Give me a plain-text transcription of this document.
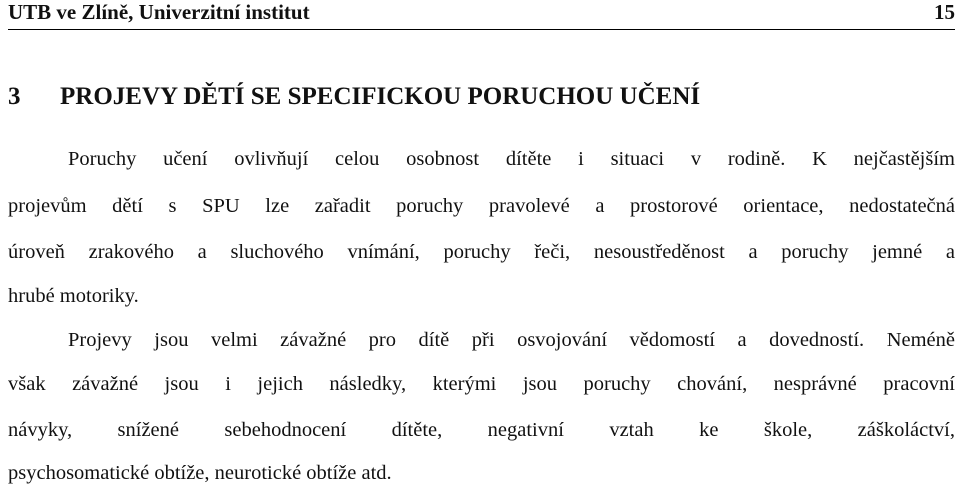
UTB ve Zlíně, Univerzitní institut	15
3 PROJEVY DĚTÍ SE SPECIFICKOU PORUCHOU UČENÍ
Poruchy učení ovlivňují celou osobnost dítěte i situaci v rodině. K nejčastějším
projevům dětí s SPU lze zařadit poruchy pravolevé a prostorové orientace, nedostatečná
úroveň zrakového a sluchového vnímání, poruchy řeči, nesoustředěnost a poruchy jemné a
hrubé motoriky.
Projevy jsou velmi závažné pro dítě při osvojování vědomostí a dovedností. Neméně
však závažné jsou i jejich následky, kterými jsou poruchy chování, nesprávné pracovní
návyky, snížené sebehodnocení dítěte, negativní vztah ke škole, záškoláctví,
psychosomatické obtíže, neurotické obtíže atd.
